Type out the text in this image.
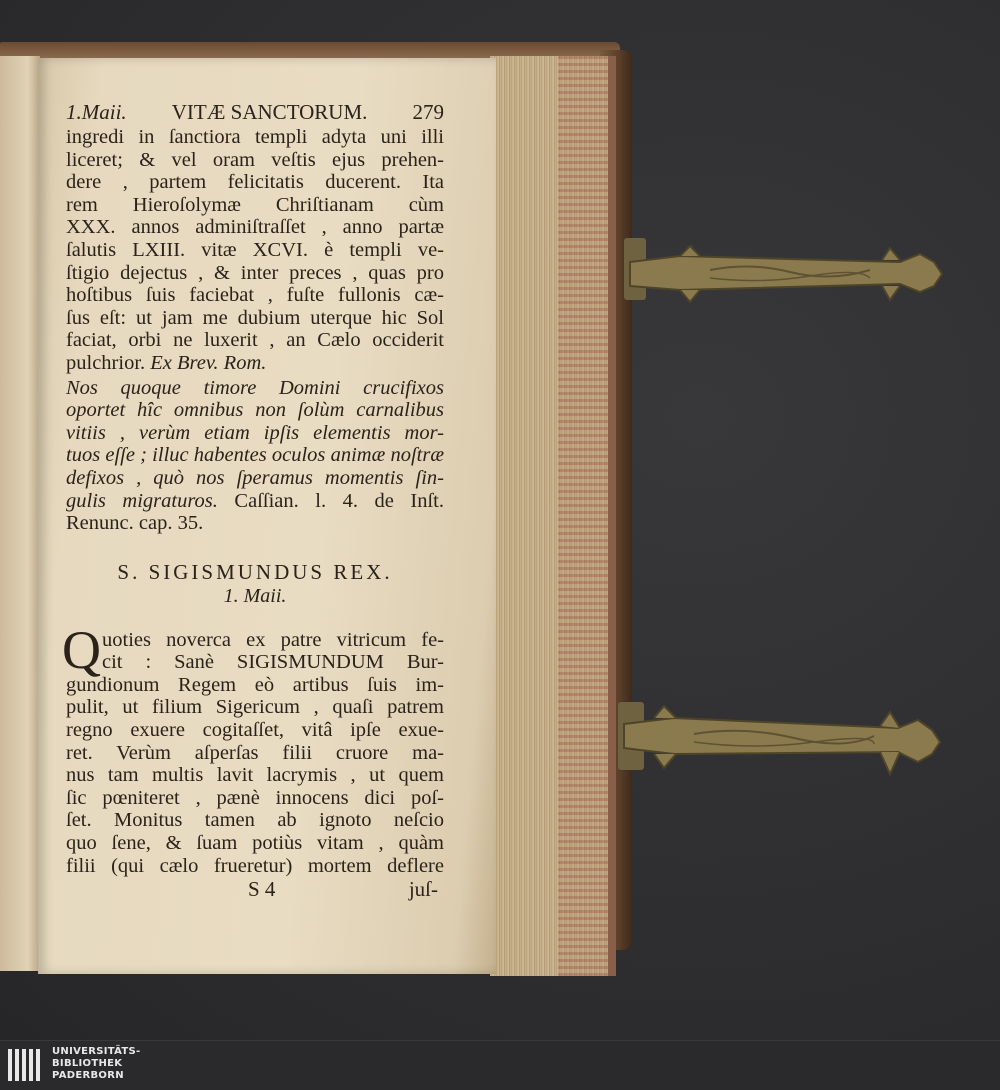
1.Maii. VITÆ SANCTORUM. 279
ingredi in ſanctiora templi adyta uni illi
liceret; & vel oram veſtis ejus prehen-
dere , partem felicitatis ducerent. Ita
rem Hieroſolymæ Chriſtianam cùm
XXX. annos adminiſtraſſet , anno partæ
ſalutis LXIII. vitæ XCVI. è templi ve-
ſtigio dejectus , & inter preces , quas pro
hoſtibus ſuis faciebat , fuſte fullonis cæ-
ſus eſt: ut jam me dubium uterque hic Sol
faciat, orbi ne luxerit , an Cælo occiderit
pulchrior. Ex Brev. Rom.
Nos quoque timore Domini crucifixos
oportet hîc omnibus non ſolùm carnalibus
vitiis , verùm etiam ipſis elementis mor-
tuos eſſe ; illuc habentes oculos animæ noſtræ
defixos , quò nos ſperamus momentis ſin-
gulis migraturos. Caſſian. l. 4. de Inſt.
Renunc. cap. 35.
S. SIGISMUNDUS REX.
1. Maii.
Q uoties noverca ex patre vitricum fe-
cit : Sanè SIGISMUNDUM Bur-
gundionum Regem eò artibus ſuis im-
pulit, ut filium Sigericum , quaſi patrem
regno exuere cogitaſſet, vitâ ipſe exue-
ret. Verùm aſperſas filii cruore ma-
nus tam multis lavit lacrymis , ut quem
ſic pœniteret , pænè innocens dici poſ-
ſet. Monitus tamen ab ignoto neſcio
quo ſene, & ſuam potiùs vitam , quàm
filii (qui cælo frueretur) mortem deflere
S 4	juſ-
UNIVERSITÄTS-
BIBLIOTHEK
PADERBORN
